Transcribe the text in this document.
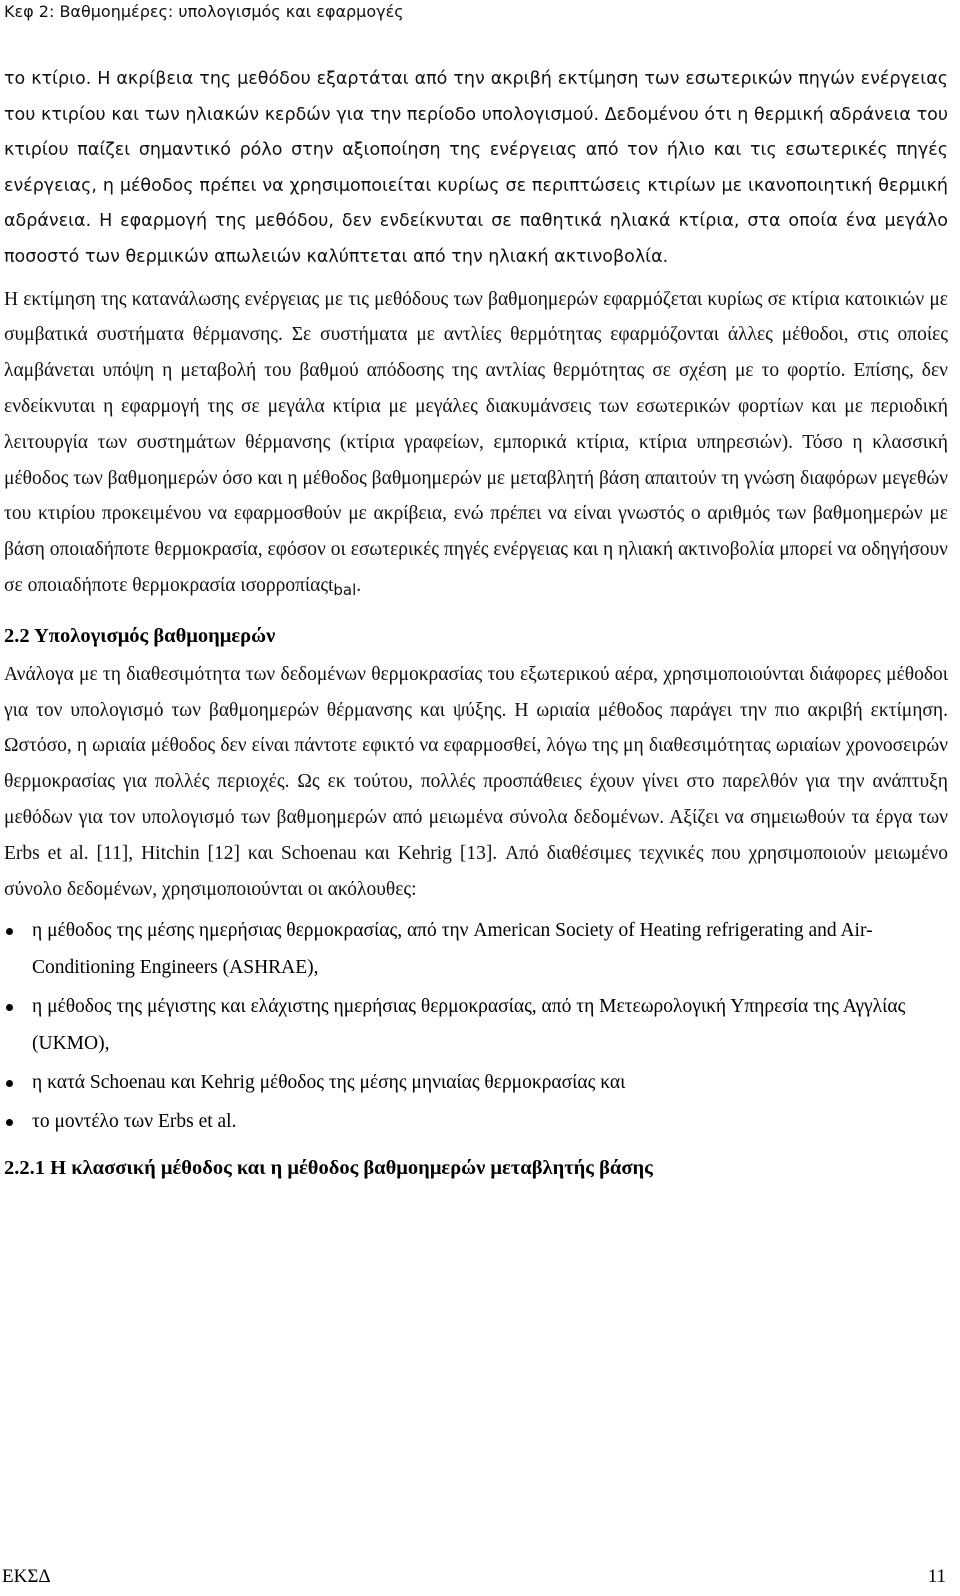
Κεφ 2: Βαθμοημέρες: υπολογισμός και εφαρμογές

το κτίριο. Η ακρίβεια της μεθόδου εξαρτάται από την ακριβή εκτίμηση των εσωτερικών πηγών ενέργειας του κτιρίου και των ηλιακών κερδών για την περίοδο υπολογισμού. Δεδομένου ότι η θερμική αδράνεια του κτιρίου παίζει σημαντικό ρόλο στην αξιοποίηση της ενέργειας από τον ήλιο και τις εσωτερικές πηγές ενέργειας, η μέθοδος πρέπει να χρησιμοποιείται κυρίως σε περιπτώσεις κτιρίων με ικανοποιητική θερμική αδράνεια. Η εφαρμογή της μεθόδου, δεν ενδείκνυται σε παθητικά ηλιακά κτίρια, στα οποία ένα μεγάλο ποσοστό των θερμικών απωλειών καλύπτεται από την ηλιακή ακτινοβολία.

Η εκτίμηση της κατανάλωσης ενέργειας με τις μεθόδους των βαθμοημερών εφαρμόζεται κυρίως σε κτίρια κατοικιών με συμβατικά συστήματα θέρμανσης. Σε συστήματα με αντλίες θερμότητας εφαρμόζονται άλλες μέθοδοι, στις οποίες λαμβάνεται υπόψη η μεταβολή του βαθμού απόδοσης της αντλίας θερμότητας σε σχέση με το φορτίο. Επίσης, δεν ενδείκνυται η εφαρμογή της σε μεγάλα κτίρια με μεγάλες διακυμάνσεις των εσωτερικών φορτίων και με περιοδική λειτουργία των συστημάτων θέρμανσης (κτίρια γραφείων, εμπορικά κτίρια, κτίρια υπηρεσιών). Τόσο η κλασσική μέθοδος των βαθμοημερών όσο και η μέθοδος βαθμοημερών με μεταβλητή βάση απαιτούν τη γνώση διαφόρων μεγεθών του κτιρίου προκειμένου να εφαρμοσθούν με ακρίβεια, ενώ πρέπει να είναι γνωστός ο αριθμός των βαθμοημερών με βάση οποιαδήποτε θερμοκρασία, εφόσον οι εσωτερικές πηγές ενέργειας και η ηλιακή ακτινοβολία μπορεί να οδηγήσουν σε οποιαδήποτε θερμοκρασία ισορροπίαςt$_{bal}$.

2.2 Υπολογισμός βαθμοημερών

Ανάλογα με τη διαθεσιμότητα των δεδομένων θερμοκρασίας του εξωτερικού αέρα, χρησιμοποιούνται διάφορες μέθοδοι για τον υπολογισμό των βαθμοημερών θέρμανσης και ψύξης. Η ωριαία μέθοδος παράγει την πιο ακριβή εκτίμηση. Ωστόσο, η ωριαία μέθοδος δεν είναι πάντοτε εφικτό να εφαρμοσθεί, λόγω της μη διαθεσιμότητας ωριαίων χρονοσειρών θερμοκρασίας για πολλές περιοχές. Ως εκ τούτου, πολλές προσπάθειες έχουν γίνει στο παρελθόν για την ανάπτυξη μεθόδων για τον υπολογισμό των βαθμοημερών από μειωμένα σύνολα δεδομένων. Αξίζει να σημειωθούν τα έργα των Erbs et al. [11], Hitchin [12] και Schoenau και Kehrig [13]. Από διαθέσιμες τεχνικές που χρησιμοποιούν μειωμένο σύνολο δεδομένων, χρησιμοποιούνται οι ακόλουθες:

η μέθοδος της μέσης ημερήσιας θερμοκρασίας, από την American Society of Heating refrigerating and Air-Conditioning Engineers (ASHRAE),
η μέθοδος της μέγιστης και ελάχιστης ημερήσιας θερμοκρασίας, από τη Μετεωρολογική Υπηρεσία της Αγγλίας (UKMO),
η κατά Schoenau και Kehrig μέθοδος της μέσης μηνιαίας θερμοκρασίας και
το μοντέλο των Erbs et al.
2.2.1 Η κλασσική μέθοδος και η μέθοδος βαθμοημερών μεταβλητής βάσης
ΕΚΣΔ	11
